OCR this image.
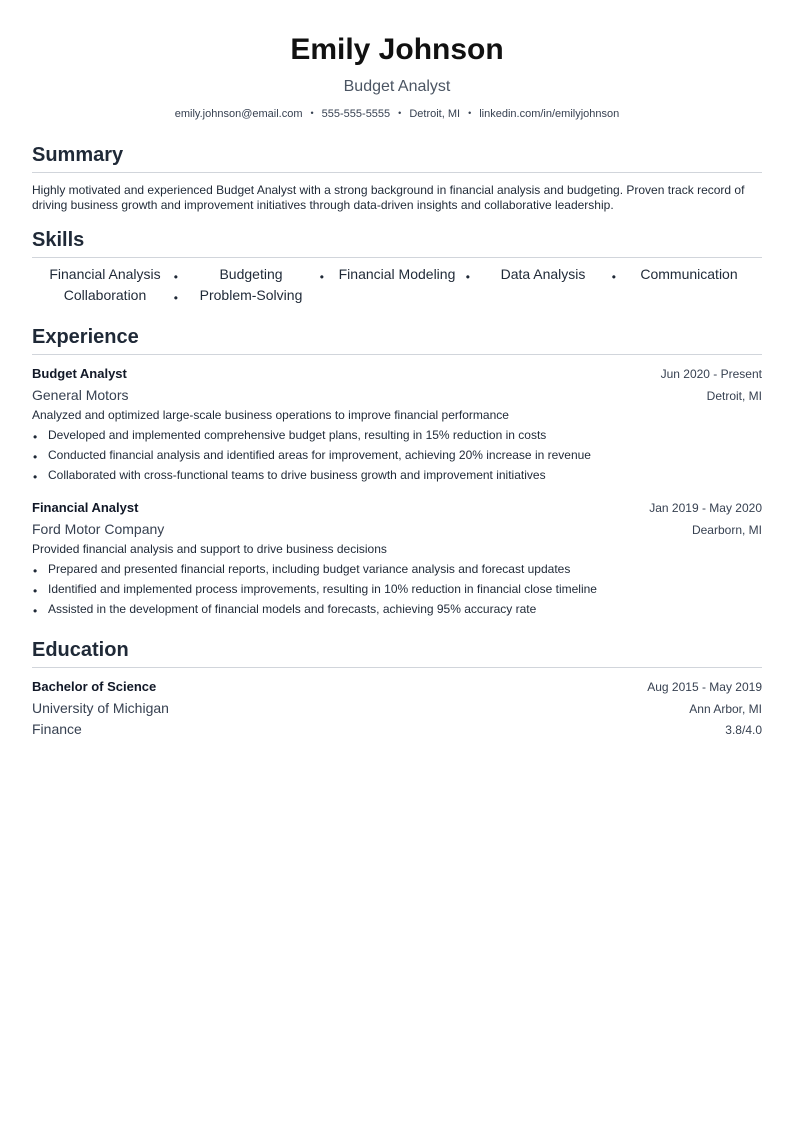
Emily Johnson
Budget Analyst
emily.johnson@email.com • 555-555-5555 • Detroit, MI • linkedin.com/in/emilyjohnson
Summary

Highly motivated and experienced Budget Analyst with a strong background in financial analysis and budgeting. Proven track record of driving business growth and improvement initiatives through data-driven insights and collaborative leadership.

Skills
Financial Analysis •	Budgeting	•	Financial Modeling •	Data Analysis •	Communication
Collaboration •	Problem-Solving
Experience
Budget Analyst	Jun 2020 - Present
General Motors	Detroit, MI
Analyzed and optimized large-scale business operations to improve financial performance
• Developed and implemented comprehensive budget plans, resulting in 15% reduction in costs
• Conducted financial analysis and identified areas for improvement, achieving 20% increase in revenue
• Collaborated with cross-functional teams to drive business growth and improvement initiatives
Financial Analyst	Jan 2019 - May 2020
Ford Motor Company	Dearborn, MI
Provided financial analysis and support to drive business decisions
• Prepared and presented financial reports, including budget variance analysis and forecast updates
• Identified and implemented process improvements, resulting in 10% reduction in financial close timeline
• Assisted in the development of financial models and forecasts, achieving 95% accuracy rate
Education
Bachelor of Science	Aug 2015 - May 2019
University of Michigan	Ann Arbor, MI
Finance	3.8/4.0
